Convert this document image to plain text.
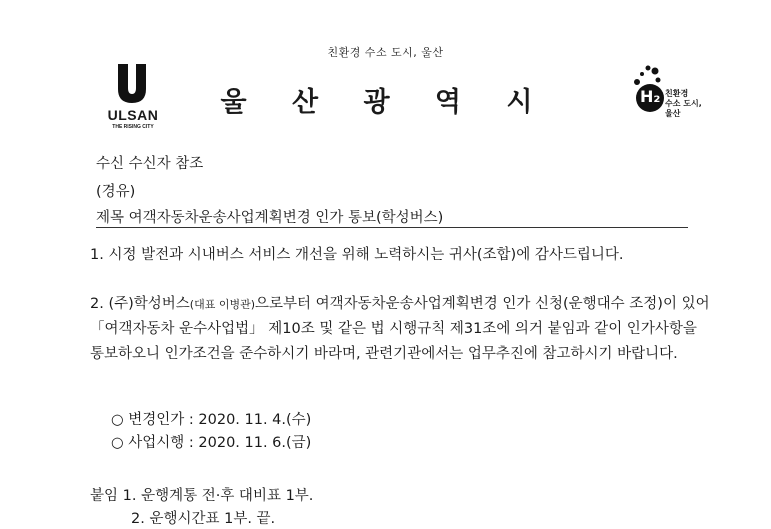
친환경 수소 도시, 울산
ULSAN
THE RISING CITY
울 산 광 역 시	H₂ 친환경
수소 도시,
울산
수신 수신자 참조
(경유)
제목 여객자동차운송사업계획변경 인가 통보(학성버스)
1. 시정 발전과 시내버스 서비스 개선을 위해 노력하시는 귀사(조합)에 감사드립니다.
2. (주)학성버스(대표 이병관)으로부터 여객자동차운송사업계획변경 인가 신청(운행대수 조정)이 있어 「여객자동차 운수사업법」 제10조 및 같은 법 시행규칙 제31조에 의거 붙임과 같이 인가사항을 통보하오니 인가조건을 준수하시기 바라며, 관련기관에서는 업무추진에 참고하시기 바랍니다.
○ 변경인가 : 2020. 11. 4.(수)
○ 사업시행 : 2020. 11. 6.(금)
붙임 1. 운행계통 전·후 대비표 1부.
2. 운행시간표 1부. 끝.
